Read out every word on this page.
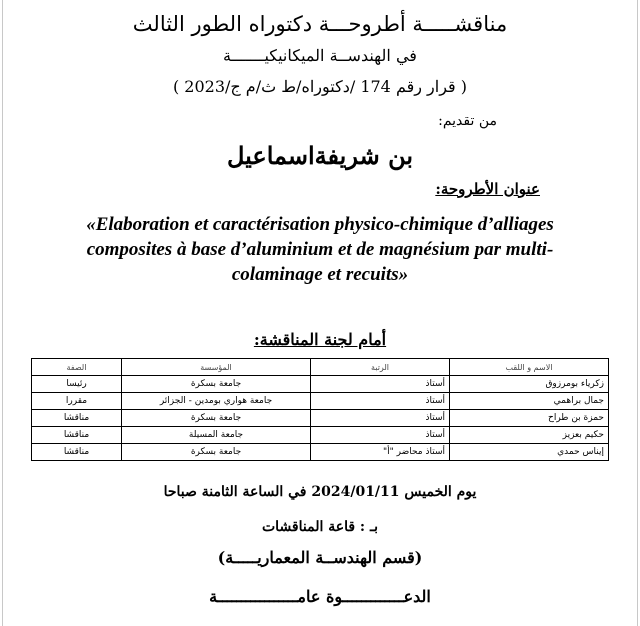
مناقشـــــة أطروحـــة دكتوراه الطور الثالث
في الهندســة الميكانيكيـــــــة
( قرار رقم 174 /دكتوراه/ط ث/م ج/2023 )
من تقديم:
بن شريفةاسماعيل
عنوان الأطروحة:
«Elaboration et caractérisation physico-chimique d’alliages composites à base d’aluminium et de magnésium par multi-colaminage et recuits»
أمام لجنة المناقشة:
الاسم و اللقب	الرتبة	المؤسسة	الصفة
زكرياء بومرزوق	أستاذ	جامعة بسكرة	رئيسا
جمال براهمي	أستاذ	جامعة هواري بومدين - الجزائر	مقررا
حمزة بن طراح	أستاذ	جامعة بسكرة	مناقشا
حكيم بعزيز	أستاذ	جامعة المسيلة	مناقشا
إيناس حمدي	أستاذ محاضر "أ"	جامعة بسكرة	مناقشا
يوم الخميس 2024/01/11 في الساعة الثامنة صباحا
بـ : قاعة المناقشات
(قسم الهندســة المعماريـــــة)
الدعـــــــــــــوة عامـــــــــــــــــة
